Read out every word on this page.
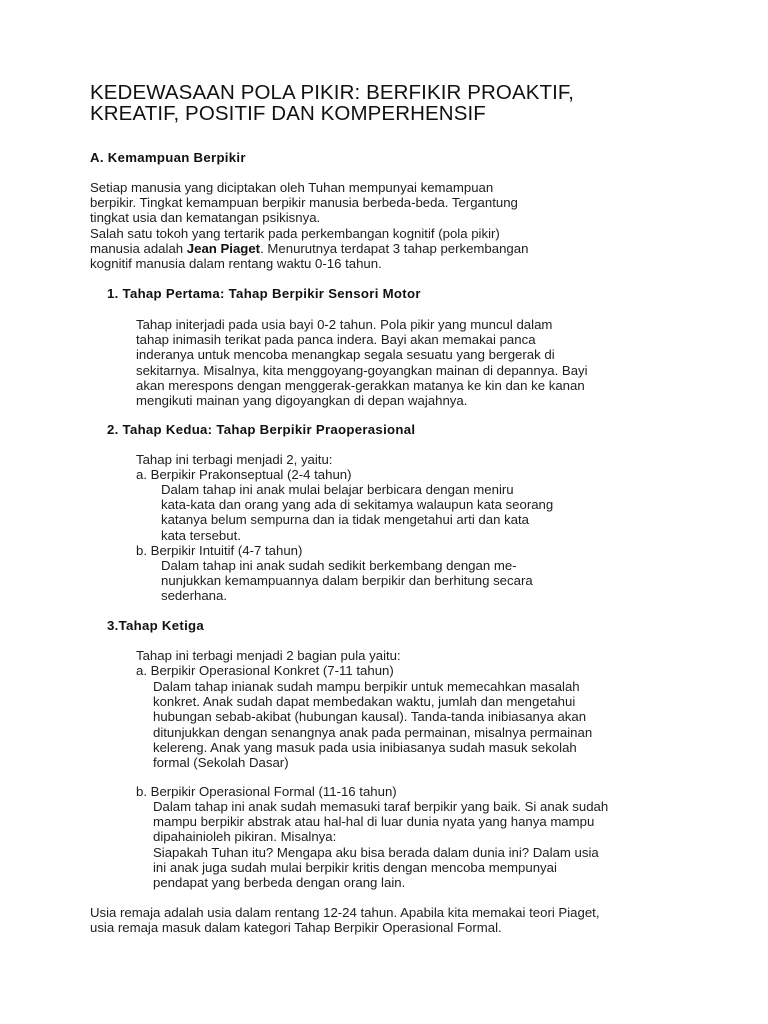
KEDEWASAAN POLA PIKIR: BERFIKIR PROAKTIF,
KREATIF, POSITIF DAN KOMPERHENSIF
A. Kemampuan Berpikir
Setiap manusia yang diciptakan oleh Tuhan mempunyai kemampuan
berpikir. Tingkat kemampuan berpikir manusia berbeda-beda. Tergantung
tingkat usia dan kematangan psikisnya.
Salah satu tokoh yang tertarik pada perkembangan kognitif (pola pikir)
manusia adalah Jean Piaget. Menurutnya terdapat 3 tahap perkembangan
kognitif manusia dalam rentang waktu 0-16 tahun.
1. Tahap Pertama: Tahap Berpikir Sensori Motor
Tahap initerjadi pada usia bayi 0-2 tahun. Pola pikir yang muncul dalam
tahap inimasih terikat pada panca indera. Bayi akan memakai panca
inderanya untuk mencoba menangkap segala sesuatu yang bergerak di
sekitarnya. Misalnya, kita menggoyang-goyangkan mainan di depannya. Bayi
akan merespons dengan menggerak-gerakkan matanya ke kin dan ke kanan
mengikuti mainan yang digoyangkan di depan wajahnya.
2. Tahap Kedua: Tahap Berpikir Praoperasional
Tahap ini terbagi menjadi 2, yaitu:
a. Berpikir Prakonseptual (2-4 tahun)
Dalam tahap ini anak mulai belajar berbicara dengan meniru
kata-kata dan orang yang ada di sekitamya walaupun kata seorang
katanya belum sempurna dan ia tidak mengetahui arti dan kata
kata tersebut.
b. Berpikir Intuitif (4-7 tahun)
Dalam tahap ini anak sudah sedikit berkembang dengan me-
nunjukkan kemampuannya dalam berpikir dan berhitung secara
sederhana.
3.Tahap Ketiga
Tahap ini terbagi menjadi 2 bagian pula yaitu:
a. Berpikir Operasional Konkret (7-11 tahun)
Dalam tahap inianak sudah mampu berpikir untuk memecahkan masalah
konkret. Anak sudah dapat membedakan waktu, jumlah dan mengetahui
hubungan sebab-akibat (hubungan kausal). Tanda-tanda inibiasanya akan
ditunjukkan dengan senangnya anak pada permainan, misalnya permainan
kelereng. Anak yang masuk pada usia inibiasanya sudah masuk sekolah
formal (Sekolah Dasar)
b. Berpikir Operasional Formal (11-16 tahun)
Dalam tahap ini anak sudah memasuki taraf berpikir yang baik. Si anak sudah
mampu berpikir abstrak atau hal-hal di luar dunia nyata yang hanya mampu
dipahainioleh pikiran. Misalnya:
Siapakah Tuhan itu? Mengapa aku bisa berada dalam dunia ini? Dalam usia
ini anak juga sudah mulai berpikir kritis dengan mencoba mempunyai
pendapat yang berbeda dengan orang lain.
Usia remaja adalah usia dalam rentang 12-24 tahun. Apabila kita memakai teori Piaget,
usia remaja masuk dalam kategori Tahap Berpikir Operasional Formal.
